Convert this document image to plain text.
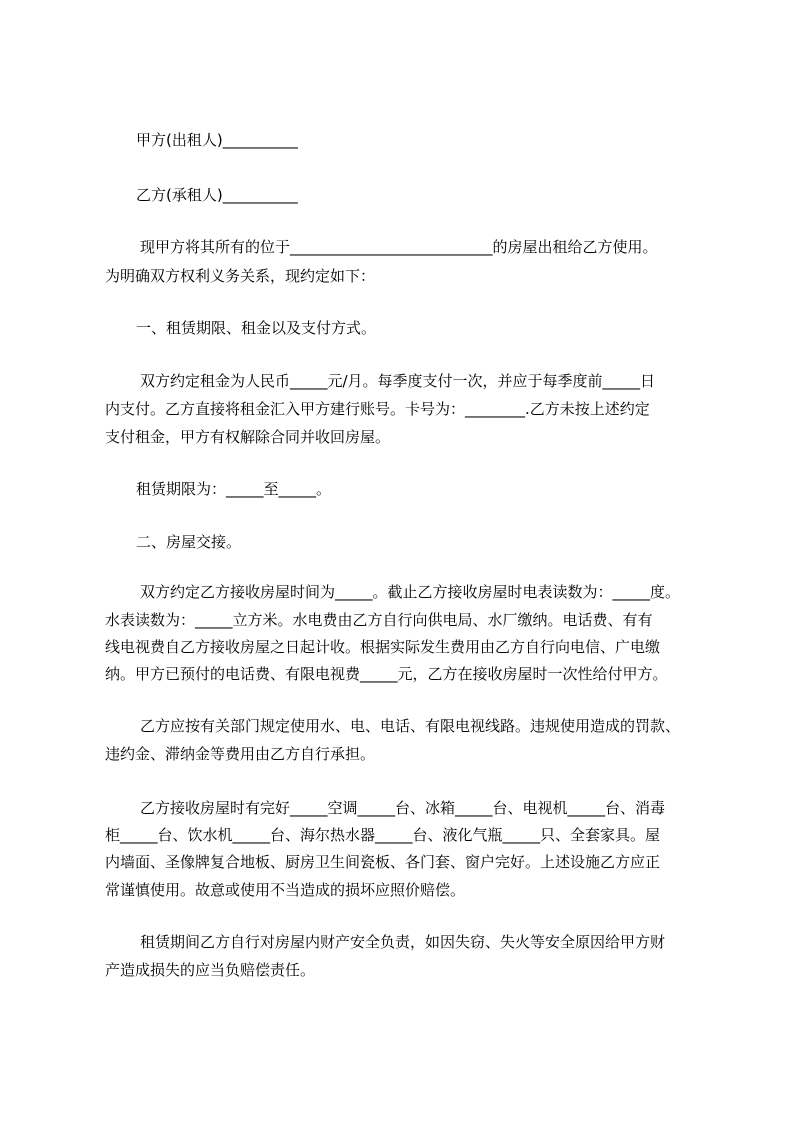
甲方(出租人)__________
乙方(承租人)__________
现甲方将其所有的位于___________________________的房屋出租给乙方使用。
为明确双方权利义务关系，现约定如下：
一、租赁期限、租金以及支付方式。
双方约定租金为人民币_____元/月。每季度支付一次，并应于每季度前_____日
内支付。乙方直接将租金汇入甲方建行账号。卡号为：________.乙方未按上述约定
支付租金，甲方有权解除合同并收回房屋。
租赁期限为：_____至_____。
二、房屋交接。
双方约定乙方接收房屋时间为_____。截止乙方接收房屋时电表读数为：_____度。
水表读数为：_____立方米。水电费由乙方自行向供电局、水厂缴纳。电话费、有有
线电视费自乙方接收房屋之日起计收。根据实际发生费用由乙方自行向电信、广电缴
纳。甲方已预付的电话费、有限电视费_____元，乙方在接收房屋时一次性给付甲方。
乙方应按有关部门规定使用水、电、电话、有限电视线路。违规使用造成的罚款、
违约金、滞纳金等费用由乙方自行承担。
乙方接收房屋时有完好_____空调_____台、冰箱_____台、电视机_____台、消毒
柜_____台、饮水机_____台、海尔热水器_____台、液化气瓶_____只、全套家具。屋
内墙面、圣像牌复合地板、厨房卫生间瓷板、各门套、窗户完好。上述设施乙方应正
常谨慎使用。故意或使用不当造成的损坏应照价赔偿。
租赁期间乙方自行对房屋内财产安全负责，如因失窃、失火等安全原因给甲方财
产造成损失的应当负赔偿责任。
